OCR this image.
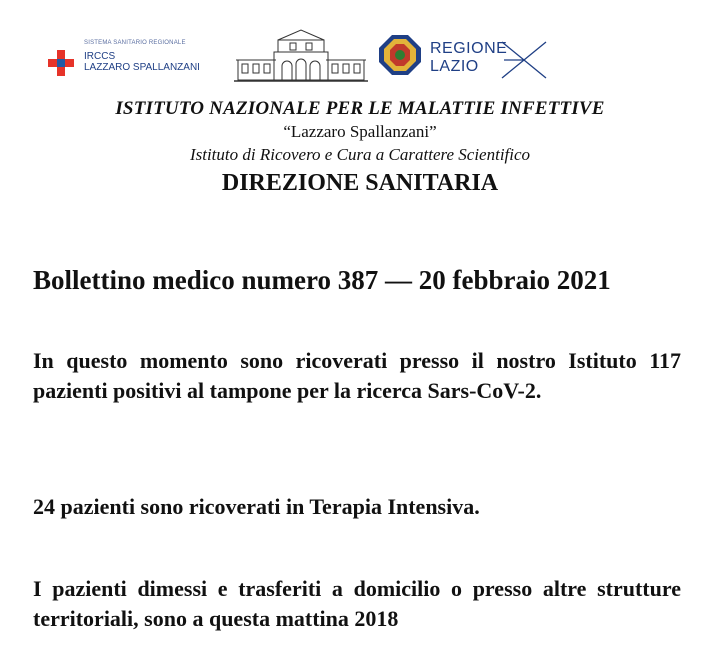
SISTEMA SANITARIO REGIONALE
IRCCS
LAZZARO SPALLANZANI
REGIONE
LAZIO
ISTITUTO NAZIONALE PER LE MALATTIE INFETTIVE
“Lazzaro Spallanzani”
Istituto di Ricovero e Cura a Carattere Scientifico
DIREZIONE SANITARIA
Bollettino medico numero 387 — 20 febbraio 2021
In questo momento sono ricoverati presso il nostro Istituto 117 pazienti positivi al tampone per la ricerca Sars-CoV-2.
24 pazienti sono ricoverati in Terapia Intensiva.
I pazienti dimessi e trasferiti a domicilio o presso altre strutture territoriali, sono a questa mattina 2018
